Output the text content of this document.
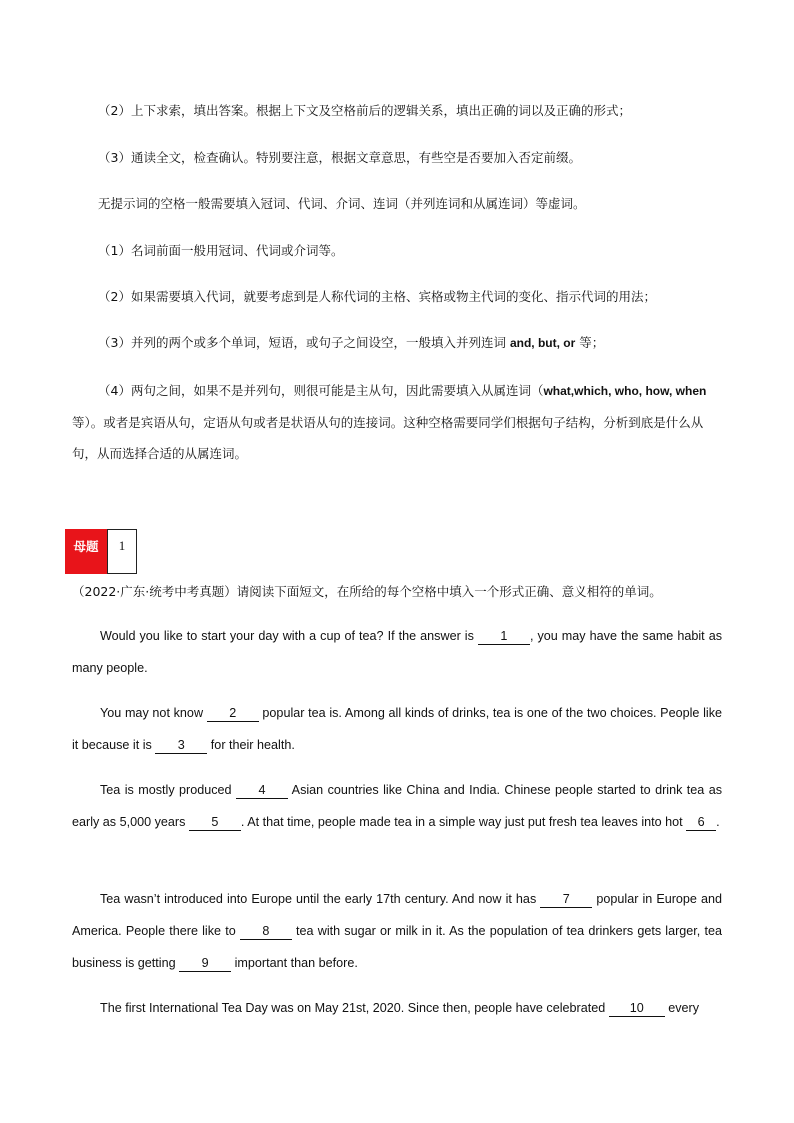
（2）上下求索，填出答案。根据上下文及空格前后的逻辑关系，填出正确的词以及正确的形式；
（3）通读全文，检查确认。特别要注意，根据文章意思，有些空是否要加入否定前缀。
无提示词的空格一般需要填入冠词、代词、介词、连词（并列连词和从属连词）等虚词。
（1）名词前面一般用冠词、代词或介词等。
（2）如果需要填入代词，就要考虑到是人称代词的主格、宾格或物主代词的变化、指示代词的用法；
（3）并列的两个或多个单词，短语，或句子之间设空，一般填入并列连词 and, but, or 等；
（4）两句之间，如果不是并列句，则很可能是主从句，因此需要填入从属连词（what,which, who, how, when 等）。或者是宾语从句，定语从句或者是状语从句的连接词。这种空格需要同学们根据句子结构，分析到底是什么从句，从而选择合适的从属连词。
母题	1
（2022·广东·统考中考真题）请阅读下面短文，在所给的每个空格中填入一个形式正确、意义相符的单词。
Would you like to start your day with a cup of tea? If the answer is 1 , you may have the same habit as many people.
You may not know 2 popular tea is. Among all kinds of drinks, tea is one of the two choices. People like it because it is 3 for their health.
Tea is mostly produced 4 Asian countries like China and India. Chinese people started to drink tea as early as 5,000 years 5 . At that time, people made tea in a simple way just put fresh tea leaves into hot 6 .
Tea wasn’t introduced into Europe until the early 17th century. And now it has 7 popular in Europe and America. People there like to 8 tea with sugar or milk in it. As the population of tea drinkers gets larger, tea business is getting 9 important than before.
The first International Tea Day was on May 21st, 2020. Since then, people have celebrated 10 every
